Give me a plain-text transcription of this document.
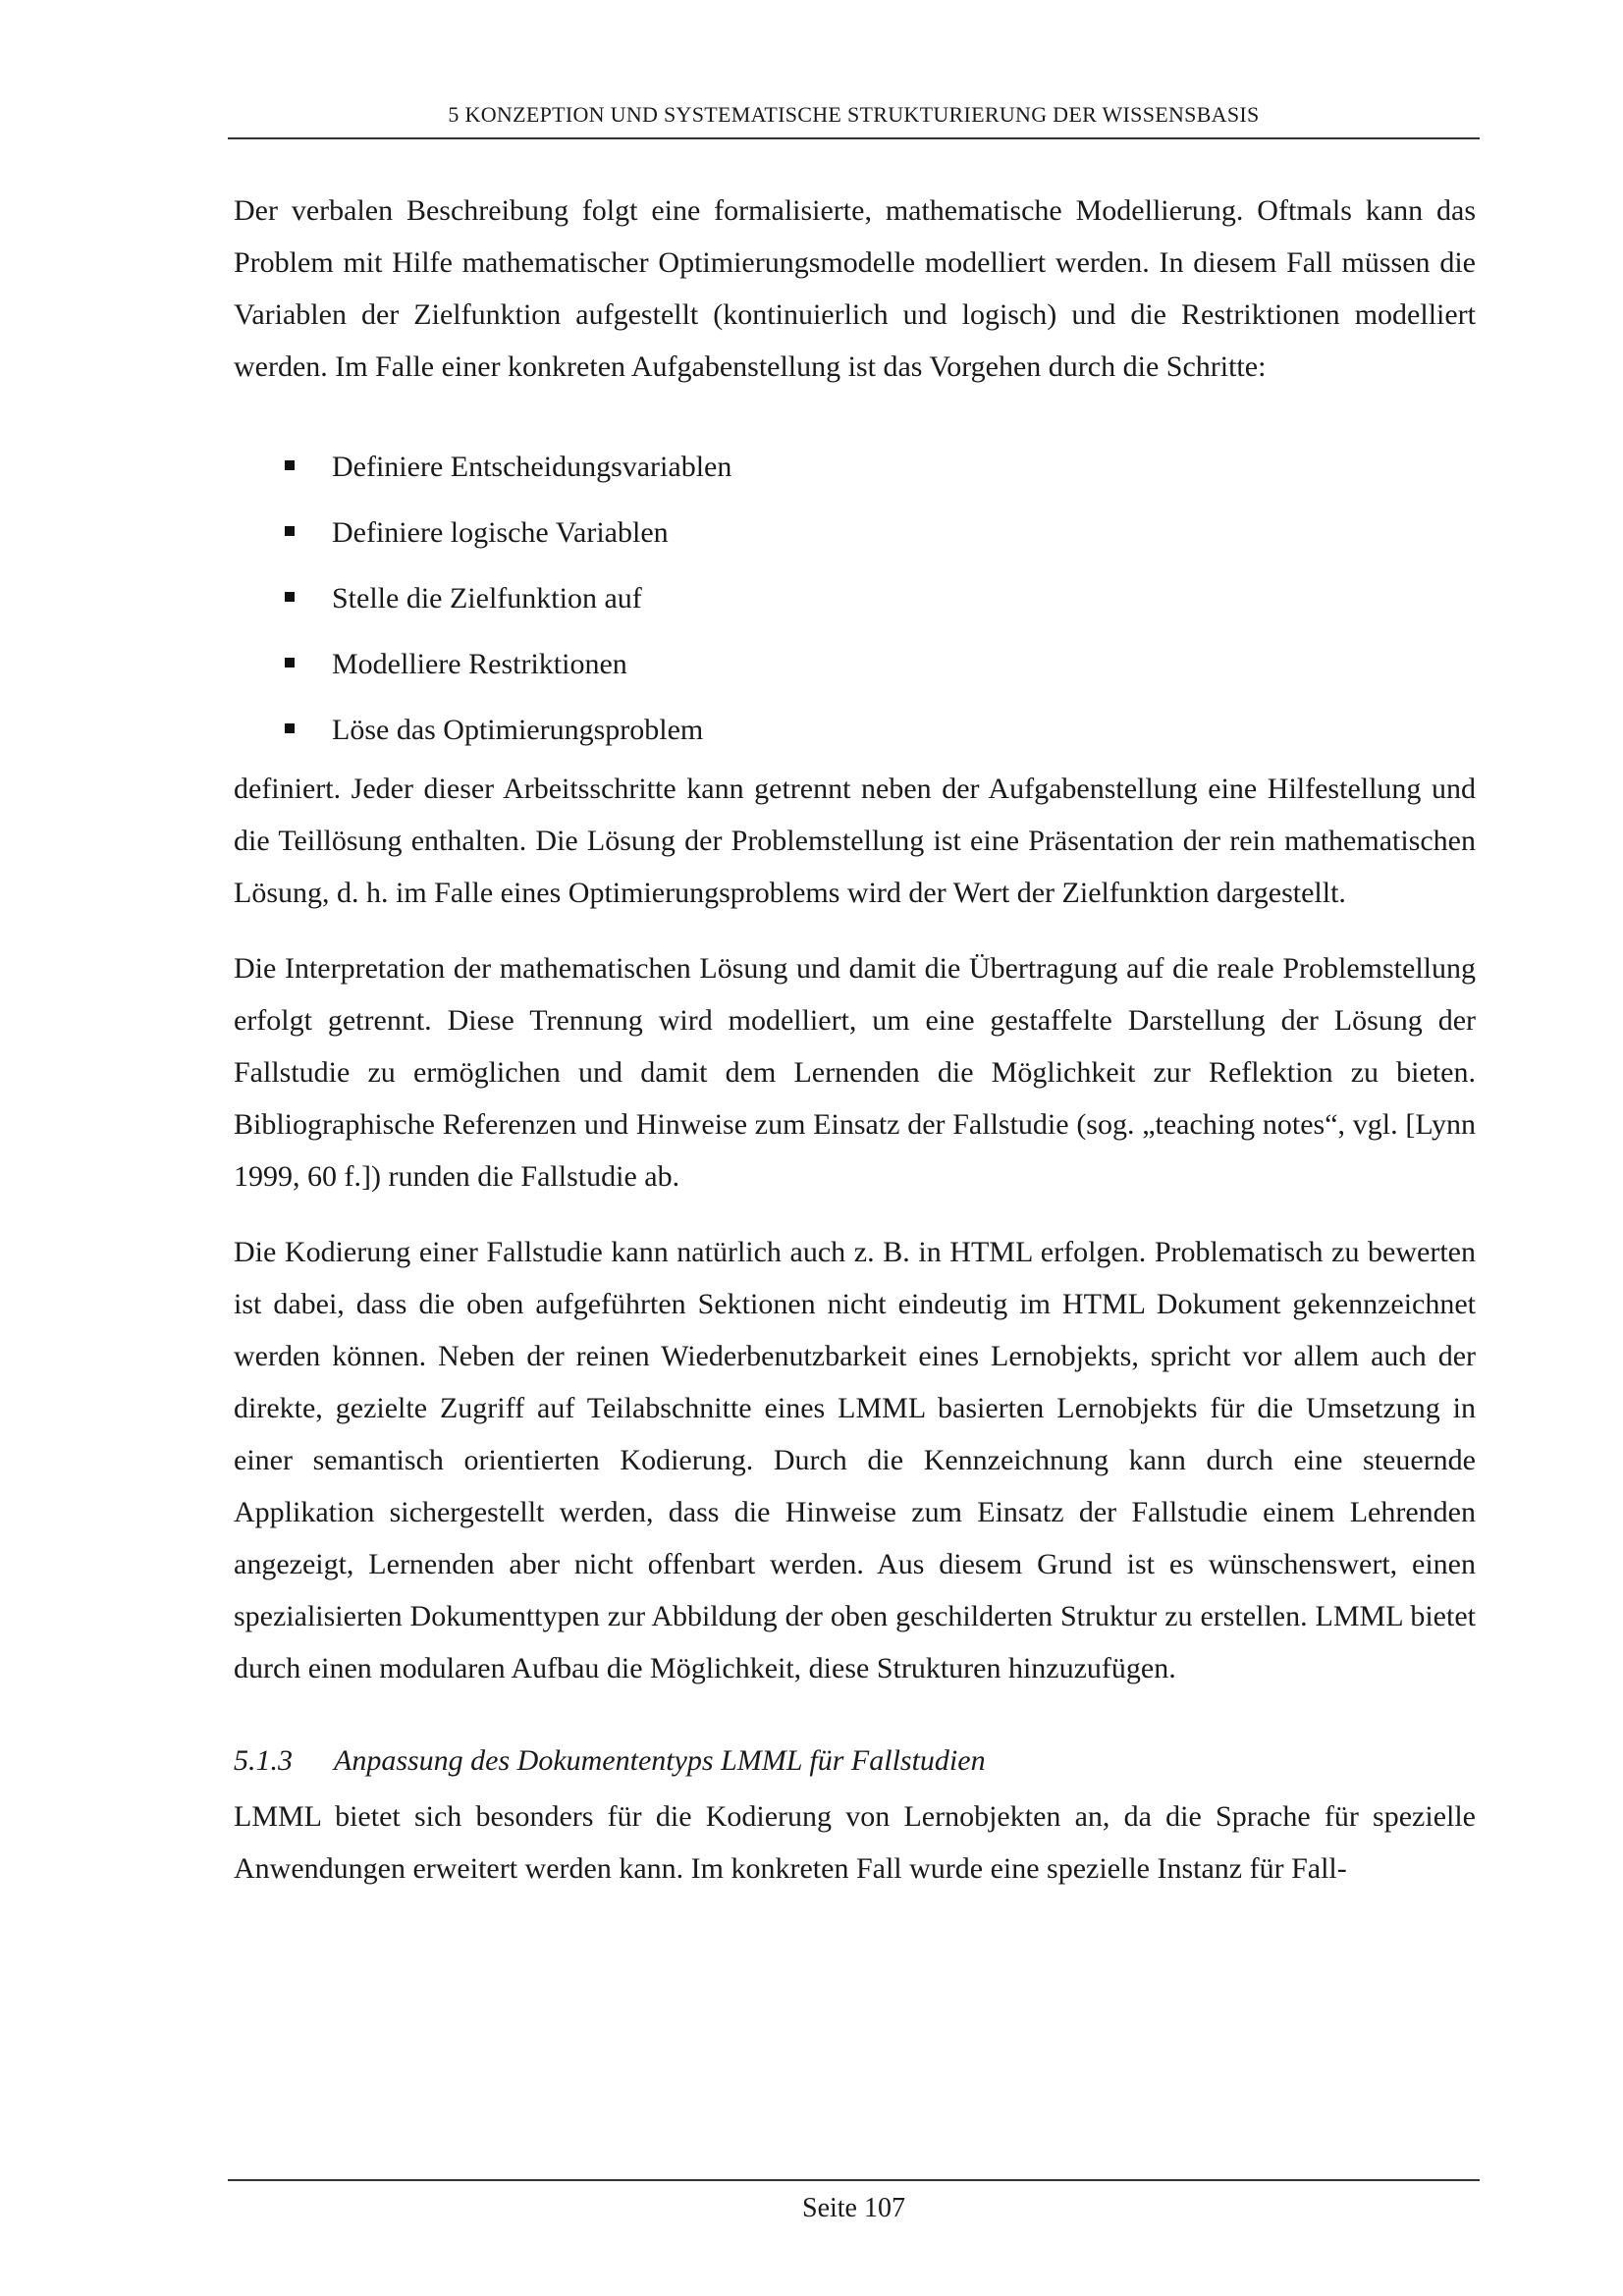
5 KONZEPTION UND SYSTEMATISCHE STRUKTURIERUNG DER WISSENSBASIS

Der verbalen Beschreibung folgt eine formalisierte, mathematische Modellierung. Oftmals kann das Problem mit Hilfe mathematischer Optimierungsmodelle modelliert werden. In diesem Fall müssen die Variablen der Zielfunktion aufgestellt (kontinuierlich und logisch) und die Restriktionen modelliert werden. Im Falle einer konkreten Aufgabenstellung ist das Vorgehen durch die Schritte:

Definiere Entscheidungsvariablen
Definiere logische Variablen
Stelle die Zielfunktion auf
Modelliere Restriktionen
Löse das Optimierungsproblem

definiert. Jeder dieser Arbeitsschritte kann getrennt neben der Aufgabenstellung eine Hilfestellung und die Teillösung enthalten. Die Lösung der Problemstellung ist eine Präsentation der rein mathematischen Lösung, d. h. im Falle eines Optimierungsproblems wird der Wert der Zielfunktion dargestellt.

Die Interpretation der mathematischen Lösung und damit die Übertragung auf die reale Problemstellung erfolgt getrennt. Diese Trennung wird modelliert, um eine gestaffelte Darstellung der Lösung der Fallstudie zu ermöglichen und damit dem Lernenden die Möglichkeit zur Reflektion zu bieten. Bibliographische Referenzen und Hinweise zum Einsatz der Fallstudie (sog. „teaching notes“, vgl. [Lynn 1999, 60 f.]) runden die Fallstudie ab.

Die Kodierung einer Fallstudie kann natürlich auch z. B. in HTML erfolgen. Problematisch zu bewerten ist dabei, dass die oben aufgeführten Sektionen nicht eindeutig im HTML Dokument gekennzeichnet werden können. Neben der reinen Wiederbenutzbarkeit eines Lernobjekts, spricht vor allem auch der direkte, gezielte Zugriff auf Teilabschnitte eines LMML basierten Lernobjekts für die Umsetzung in einer semantisch orientierten Kodierung. Durch die Kennzeichnung kann durch eine steuernde Applikation sichergestellt werden, dass die Hinweise zum Einsatz der Fallstudie einem Lehrenden angezeigt, Lernenden aber nicht offenbart werden. Aus diesem Grund ist es wünschenswert, einen spezialisierten Dokumenttypen zur Abbildung der oben geschilderten Struktur zu erstellen. LMML bietet durch einen modularen Aufbau die Möglichkeit, diese Strukturen hinzuzufügen.

5.1.3 Anpassung des Dokumententyps LMML für Fallstudien

LMML bietet sich besonders für die Kodierung von Lernobjekten an, da die Sprache für spezielle Anwendungen erweitert werden kann. Im konkreten Fall wurde eine spezielle Instanz für Fall-

Seite 107
